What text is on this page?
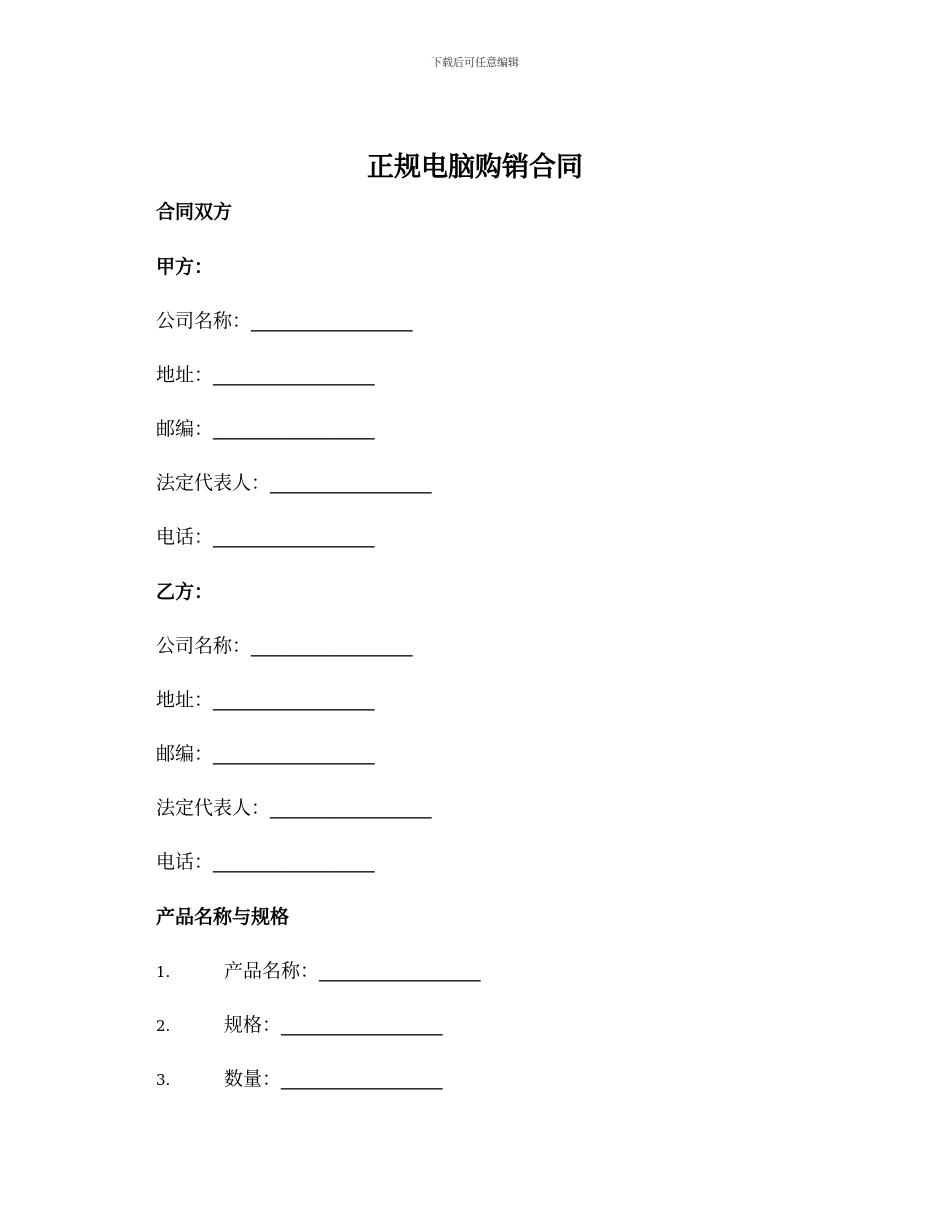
下载后可任意编辑
正规电脑购销合同
合同双方
甲方：
公司名称：_________________
地址：_________________
邮编：_________________
法定代表人：_________________
电话：_________________
乙方：
公司名称：_________________
地址：_________________
邮编：_________________
法定代表人：_________________
电话：_________________
产品名称与规格
1.	产品名称：_________________
2.	规格：_________________
3.	数量：_________________
